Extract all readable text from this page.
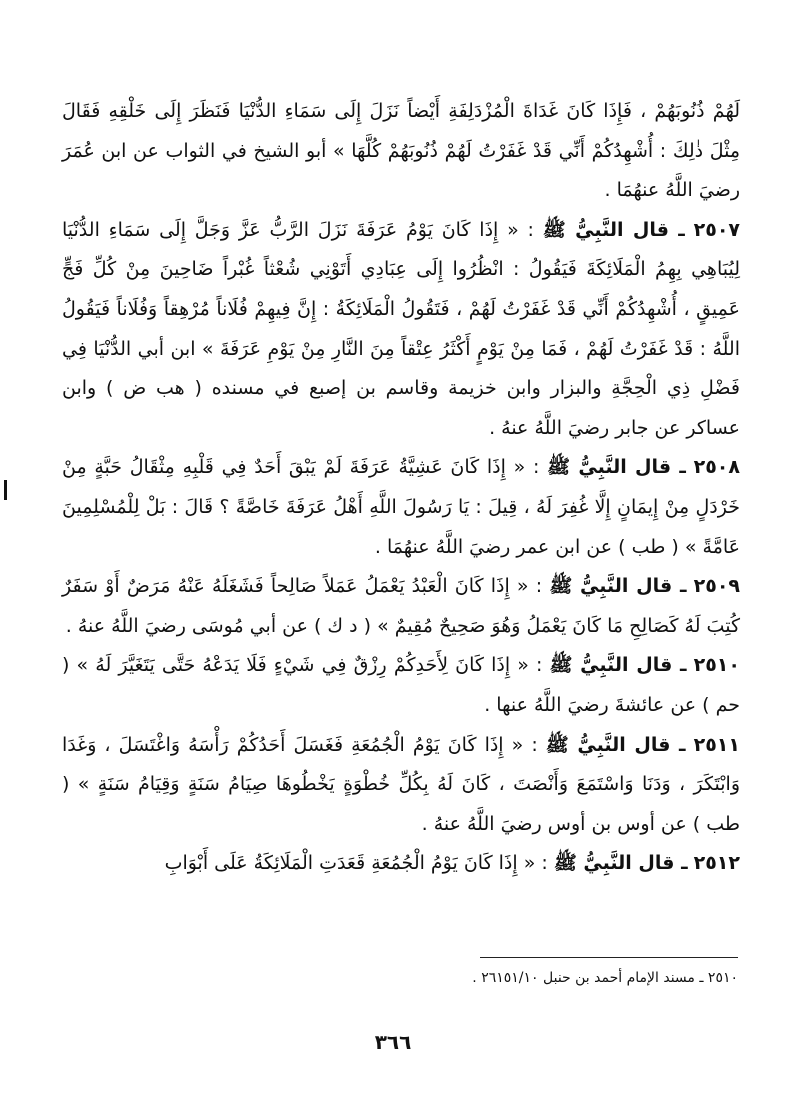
لَهُمْ ذُنُوبَهُمْ ، فَإِذَا كَانَ غَدَاةَ الْمُزْدَلِفَةِ أَيْضاً نَزَلَ إِلَى سَمَاءِ الدُّنْيَا فَنَظَرَ إِلَى خَلْقِهِ فَقَالَ مِثْلَ ذٰلِكَ : أُشْهِدُكُمْ أَنِّي قَدْ غَفَرْتُ لَهُمْ ذُنُوبَهُمْ كُلَّهَا » أبو الشيخ في الثواب عن ابن عُمَرَ رضيَ اللَّهُ عنهُمَا .

٢٥٠٧ ـ قال النَّبِيُّ ﷺ : « إِذَا كَانَ يَوْمُ عَرَفَةَ نَزَلَ الرَّبُّ عَزَّ وَجَلَّ إِلَى سَمَاءِ الدُّنْيَا لِيُبَاهِي بِهِمُ الْمَلَائِكَةَ فَيَقُولُ : انْظُرُوا إِلَى عِبَادِي أَتَوْنِي شُعْثاً غُبْراً ضَاحِينَ مِنْ كُلِّ فَجٍّ عَمِيقٍ ، أُشْهِدُكُمْ أَنِّي قَدْ غَفَرْتُ لَهُمْ ، فَتَقُولُ الْمَلَائِكَةُ : إِنَّ فِيهِمْ فُلَاناً مُرْهِقاً وَفُلَاناً فَيَقُولُ اللَّهُ : قَدْ غَفَرْتُ لَهُمْ ، فَمَا مِنْ يَوْمٍ أَكْثَرُ عِتْقاً مِنَ النَّارِ مِنْ يَوْمِ عَرَفَةَ » ابن أبي الدُّنْيَا فِي فَضْلِ ذِي الْحِجَّةِ والبزار وابن خزيمة وقاسم بن إصبع في مسنده ( هب ض ) وابن عساكر عن جابر رضيَ اللَّهُ عنهُ .

٢٥٠٨ ـ قال النَّبِيُّ ﷺ : « إِذَا كَانَ عَشِيَّةُ عَرَفَةَ لَمْ يَبْقَ أَحَدٌ فِي قَلْبِهِ مِثْقَالُ حَبَّةٍ مِنْ خَرْدَلٍ مِنْ إِيمَانٍ إِلَّا غُفِرَ لَهُ ، قِيلَ : يَا رَسُولَ اللَّهِ أَهْلُ عَرَفَةَ خَاصَّةً ؟ قَالَ : بَلْ لِلْمُسْلِمِينَ عَامَّةً » ( طب ) عن ابن عمر رضيَ اللَّهُ عنهُمَا .

٢٥٠٩ ـ قال النَّبِيُّ ﷺ : « إِذَا كَانَ الْعَبْدُ يَعْمَلُ عَمَلاً صَالِحاً فَشَغَلَهُ عَنْهُ مَرَضٌ أَوْ سَفَرٌ كُتِبَ لَهُ كَصَالِحِ مَا كَانَ يَعْمَلُ وَهُوَ صَحِيحٌ مُقِيمٌ » ( د ك ) عن أبي مُوسَى رضيَ اللَّهُ عنهُ .

٢٥١٠ ـ قال النَّبِيُّ ﷺ : « إِذَا كَانَ لِأَحَدِكُمْ رِزْقٌ فِي شَيْءٍ فَلَا يَدَعْهُ حَتَّى يَتَغَيَّرَ لَهُ » ( حم ) عن عائشةَ رضيَ اللَّهُ عنها .

٢٥١١ ـ قال النَّبِيُّ ﷺ : « إِذَا كَانَ يَوْمُ الْجُمُعَةِ فَغَسَلَ أَحَدُكُمْ رَأْسَهُ وَاغْتَسَلَ ، وَغَدَا وَابْتَكَرَ ، وَدَنَا وَاسْتَمَعَ وَأَنْصَتَ ، كَانَ لَهُ بِكُلِّ خُطْوَةٍ يَخْطُوهَا صِيَامُ سَنَةٍ وَقِيَامُ سَنَةٍ » ( طب ) عن أوس بن أوس رضيَ اللَّهُ عنهُ .

٢٥١٢ ـ قال النَّبِيُّ ﷺ : « إِذَا كَانَ يَوْمُ الْجُمُعَةِ قَعَدَتِ الْمَلَائِكَةُ عَلَى أَبْوَابِ

٢٥١٠ ـ مسند الإمام أحمد بن حنبل ٢٦١٥١/١٠ .
٣٦٦
